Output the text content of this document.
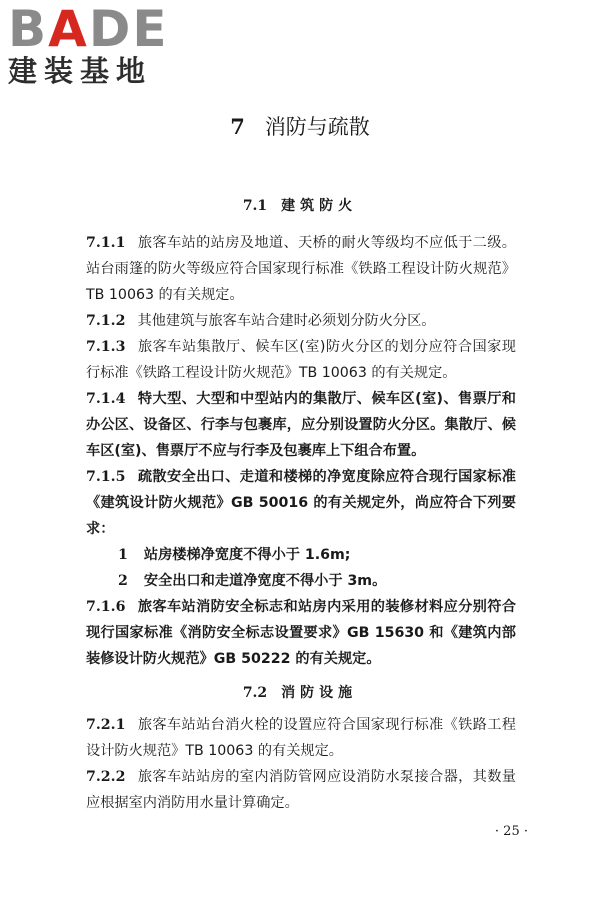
BADE
建装基地
7 消防与疏散
7.1 建筑防火

7.1.1 旅客车站的站房及地道、天桥的耐火等级均不应低于二级。站台雨篷的防火等级应符合国家现行标准《铁路工程设计防火规范》TB 10063 的有关规定。

7.1.2 其他建筑与旅客车站合建时必须划分防火分区。

7.1.3 旅客车站集散厅、候车区(室)防火分区的划分应符合国家现行标准《铁路工程设计防火规范》TB 10063 的有关规定。

7.1.4 特大型、大型和中型站内的集散厅、候车区(室)、售票厅和办公区、设备区、行李与包裹库，应分别设置防火分区。集散厅、候车区(室)、售票厅不应与行李及包裹库上下组合布置。

7.1.5 疏散安全出口、走道和楼梯的净宽度除应符合现行国家标准《建筑设计防火规范》GB 50016 的有关规定外，尚应符合下列要求：

1 站房楼梯净宽度不得小于 1.6m;

2 安全出口和走道净宽度不得小于 3m。

7.1.6 旅客车站消防安全标志和站房内采用的装修材料应分别符合现行国家标准《消防安全标志设置要求》GB 15630 和《建筑内部装修设计防火规范》GB 50222 的有关规定。

7.2 消防设施

7.2.1 旅客车站站台消火栓的设置应符合国家现行标准《铁路工程设计防火规范》TB 10063 的有关规定。

7.2.2 旅客车站站房的室内消防管网应设消防水泵接合器，其数量应根据室内消防用水量计算确定。

· 25 ·
